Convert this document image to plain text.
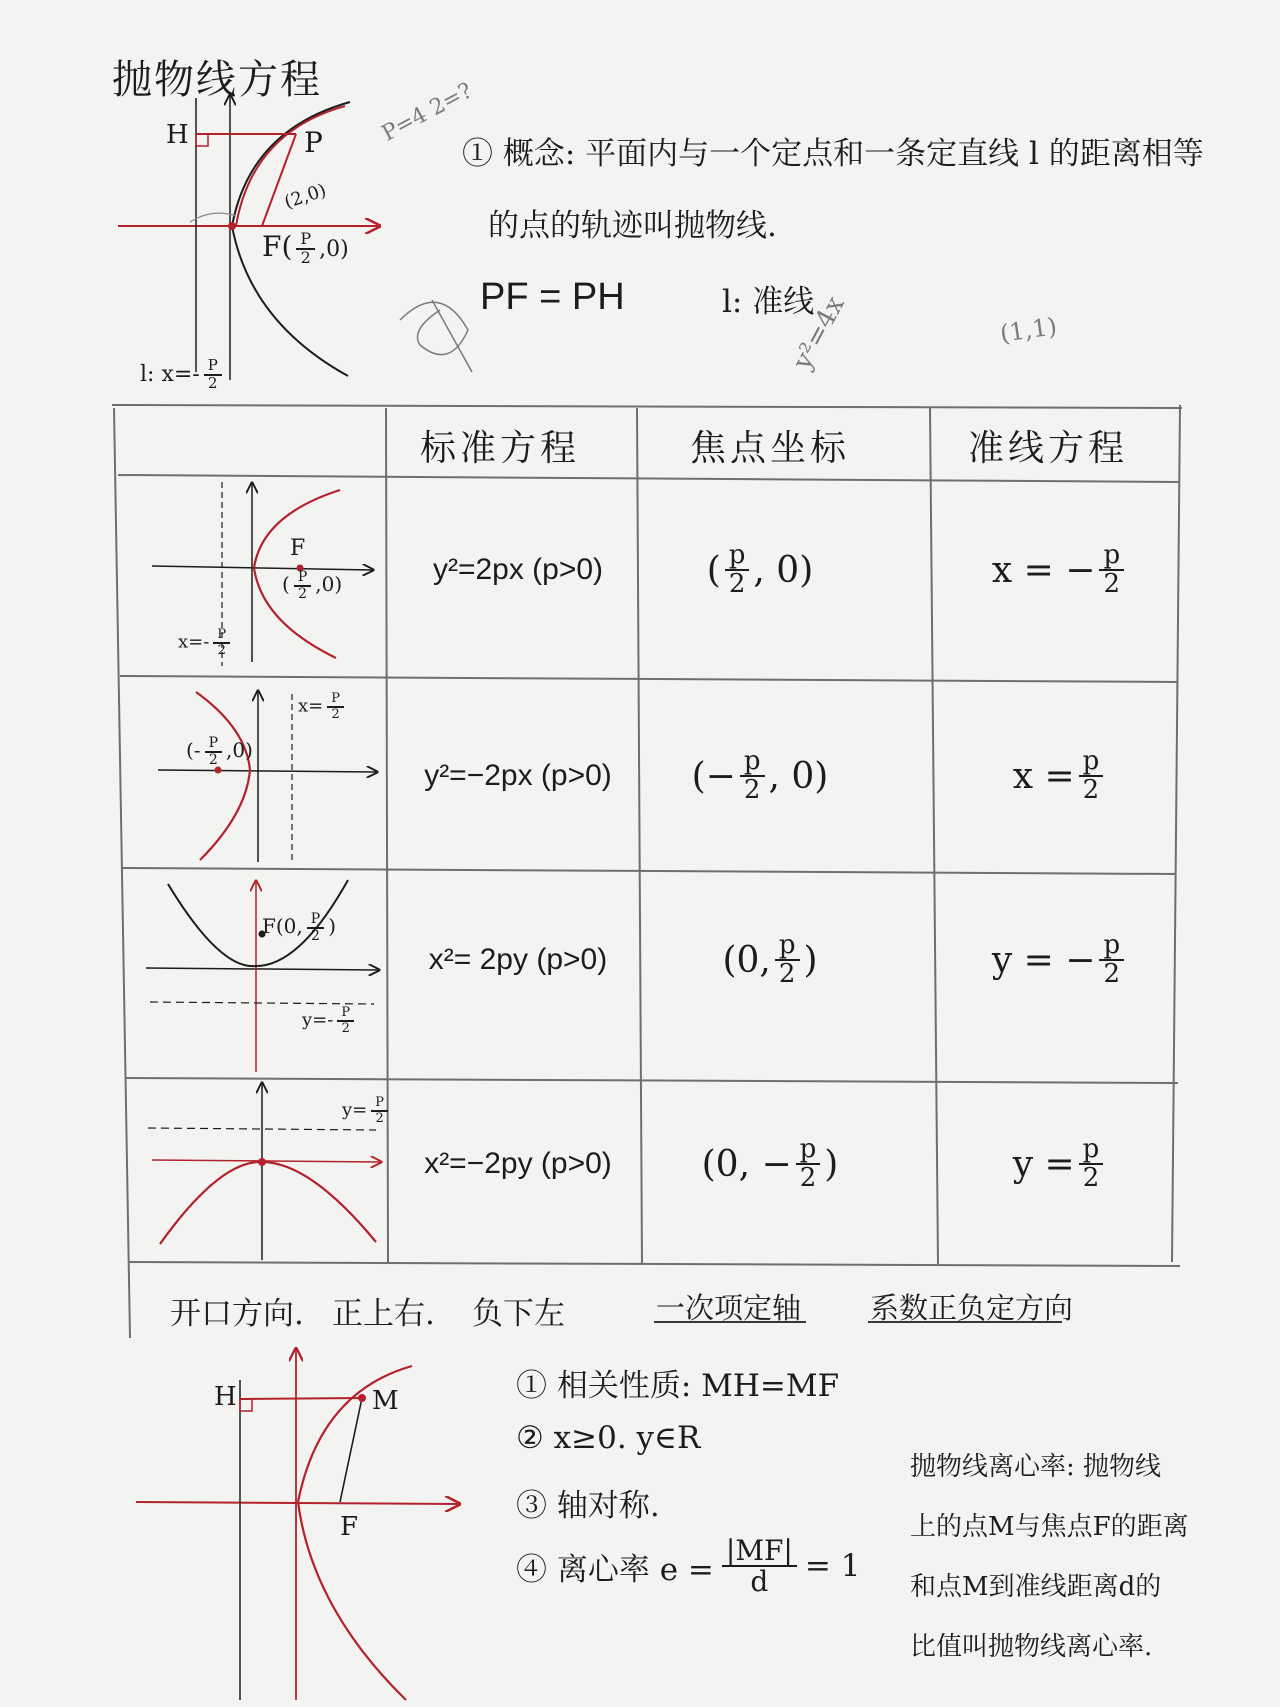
抛物线方程
H	P
$F( \frac{P}{2} ,0)$
l: $x=- \frac{P}{2}$
(2,0)
P=4 2=?
① 概念: 平面内与一个定点和一条定直线 l 的距离相等
的点的轨迹叫抛物线.
PF = PH	l: 准线
y²=4x	(1,1)
标准方程	焦点坐标	准线方程
F
( $\frac{P}{2} ,0$)
$x=- \frac{P}{2}$
y²=2px (p>0)	( $\frac{p}{2}$ , 0)	x = − $\frac{p}{2}$
(- $\frac{P}{2} ,0$)
$x= \frac{P}{2}$
y²=−2px (p>0)	(− $\frac{p}{2}$ , 0)	$x = \frac{p}{2}$
F(0, $\frac{P}{2}$ )
$y=- \frac{P}{2}$
x²= 2py (p>0)	(0, $\frac{p}{2}$ )	y = − $\frac{p}{2}$
$y= \frac{P}{2}$
x²=−2py (p>0)	(0, − $\frac{p}{2}$ )	$y = \frac{p}{2}$
开口方向. 正上右. 负下左	一次项定轴 系数正负定方向
H	M
F
① 相关性质: MH=MF
② x≥0. y∈R
③ 轴对称.
④ 离心率 $e = \frac{|MF|}{d} = 1$
抛物线离心率: 抛物线
上的点M与焦点F的距离
和点M到准线距离d的
比值叫抛物线离心率.
